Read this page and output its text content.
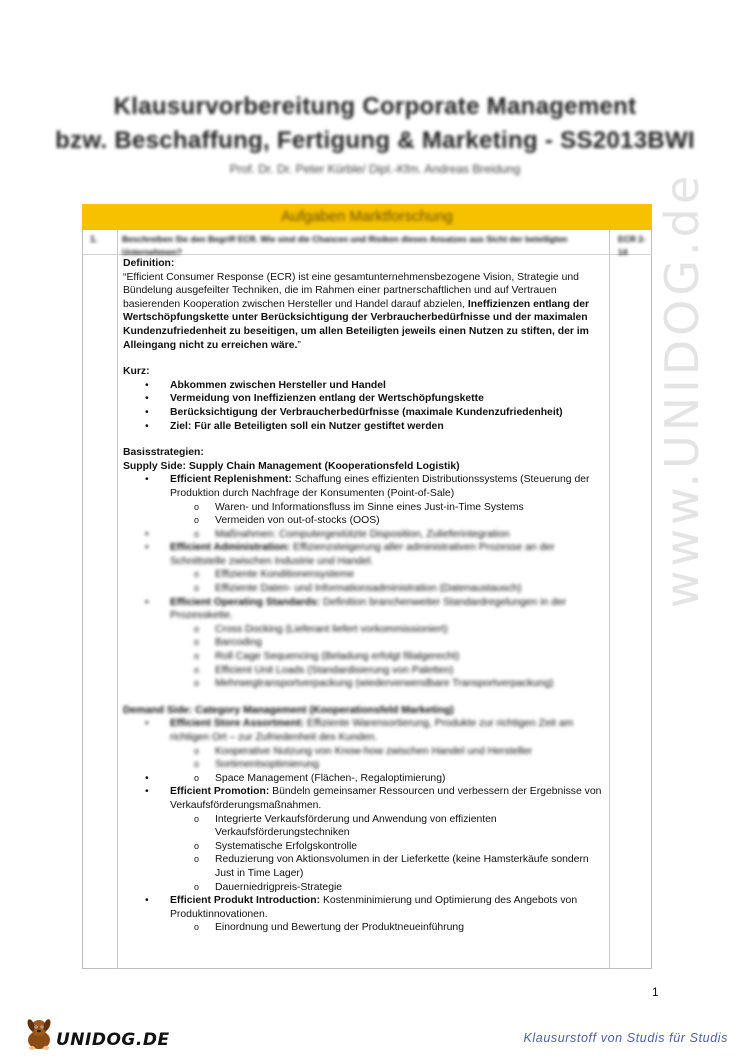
Klausurvorbereitung Corporate Management
bzw. Beschaffung, Fertigung & Marketing - SS2013BWI
Prof. Dr. Dr. Peter Kürble/ Dipl.-Kfm. Andreas Breidung
www.UNIDOG.de
Aufgaben Marktforschung
1.	Beschreiben Sie den Begriff ECR. Wie sind die Chancen und Risiken dieses Ansatzes aus Sicht der beteiligten Unternehmen?
ECR 2-14

Definition:

“Efficient Consumer Response (ECR) ist eine gesamtunternehmensbezogene Vision, Strategie und Bündelung ausgefeilter Techniken, die im Rahmen einer partnerschaftlichen und auf Vertrauen basierenden Kooperation zwischen Hersteller und Handel darauf abzielen, Ineffizienzen entlang der Wertschöpfungskette unter Berücksichtigung der Verbraucherbedürfnisse und der maximalen Kundenzufriedenheit zu beseitigen, um allen Beteiligten jeweils einen Nutzen zu stiften, der im Alleingang nicht zu erreichen wäre.”

Kurz:

• Abkommen zwischen Hersteller und Handel
• Vermeidung von Ineffizienzen entlang der Wertschöpfungskette
• Berücksichtigung der Verbraucherbedürfnisse (maximale Kundenzufriedenheit)
• Ziel: Für alle Beteiligten soll ein Nutzer gestiftet werden

Basisstrategien:

Supply Side: Supply Chain Management (Kooperationsfeld Logistik)

• Efficient Replenishment: Schaffung eines effizienten Distributionssystems (Steuerung der Produktion durch Nachfrage der Konsumenten (Point-of-Sale)
o Waren- und Informationsfluss im Sinne eines Just-in-Time Systems
o Vermeiden von out-of-stocks (OOS)
o • Maßnahmen: Computergestützte Disposition, Zulieferintegration
• Efficient Administration: Effizienzsteigerung aller administrativen Prozesse an der Schnittstelle zwischen Industrie und Handel.
o Effiziente Konditionensysteme
o Effiziente Daten- und Informationsadministration (Datenaustausch)
• Efficient Operating Standards: Definition branchenweiter Standardregelungen in der Prozesskette.
o Cross Docking (Lieferant liefert vorkommissioniert)
o Barcoding
o Roll Cage Sequencing (Beladung erfolgt filialgerecht)
o Efficient Unit Loads (Standardisierung von Paletten)
o Mehrwegtransportverpackung (wiederverwendbare Transportverpackung)

Demand Side: Category Management (Kooperationsfeld Marketing)

• Efficient Store Assortment: Effiziente Warensortierung, Produkte zur richtigen Zeit am richtigen Ort – zur Zufriedenheit des Kunden.
o Kooperative Nutzung von Know-how zwischen Handel und Hersteller
o Sortimentsoptimierung
o • Space Management (Flächen-, Regaloptimierung)
• Efficient Promotion: Bündeln gemeinsamer Ressourcen und verbessern der Ergebnisse von Verkaufsförderungsmaßnahmen.
o Integrierte Verkaufsförderung und Anwendung von effizienten Verkaufsförderungstechniken
o Systematische Erfolgskontrolle
o Reduzierung von Aktionsvolumen in der Lieferkette (keine Hamsterkäufe sondern Just in Time Lager)
o Dauerniedrigpreis-Strategie
• Efficient Produkt Introduction: Kostenminimierung und Optimierung des Angebots von Produktinnovationen.
o Einordnung und Bewertung der Produktneueinführung
1
UNIDOG.DE	Klausurstoff von Studis für Studis
